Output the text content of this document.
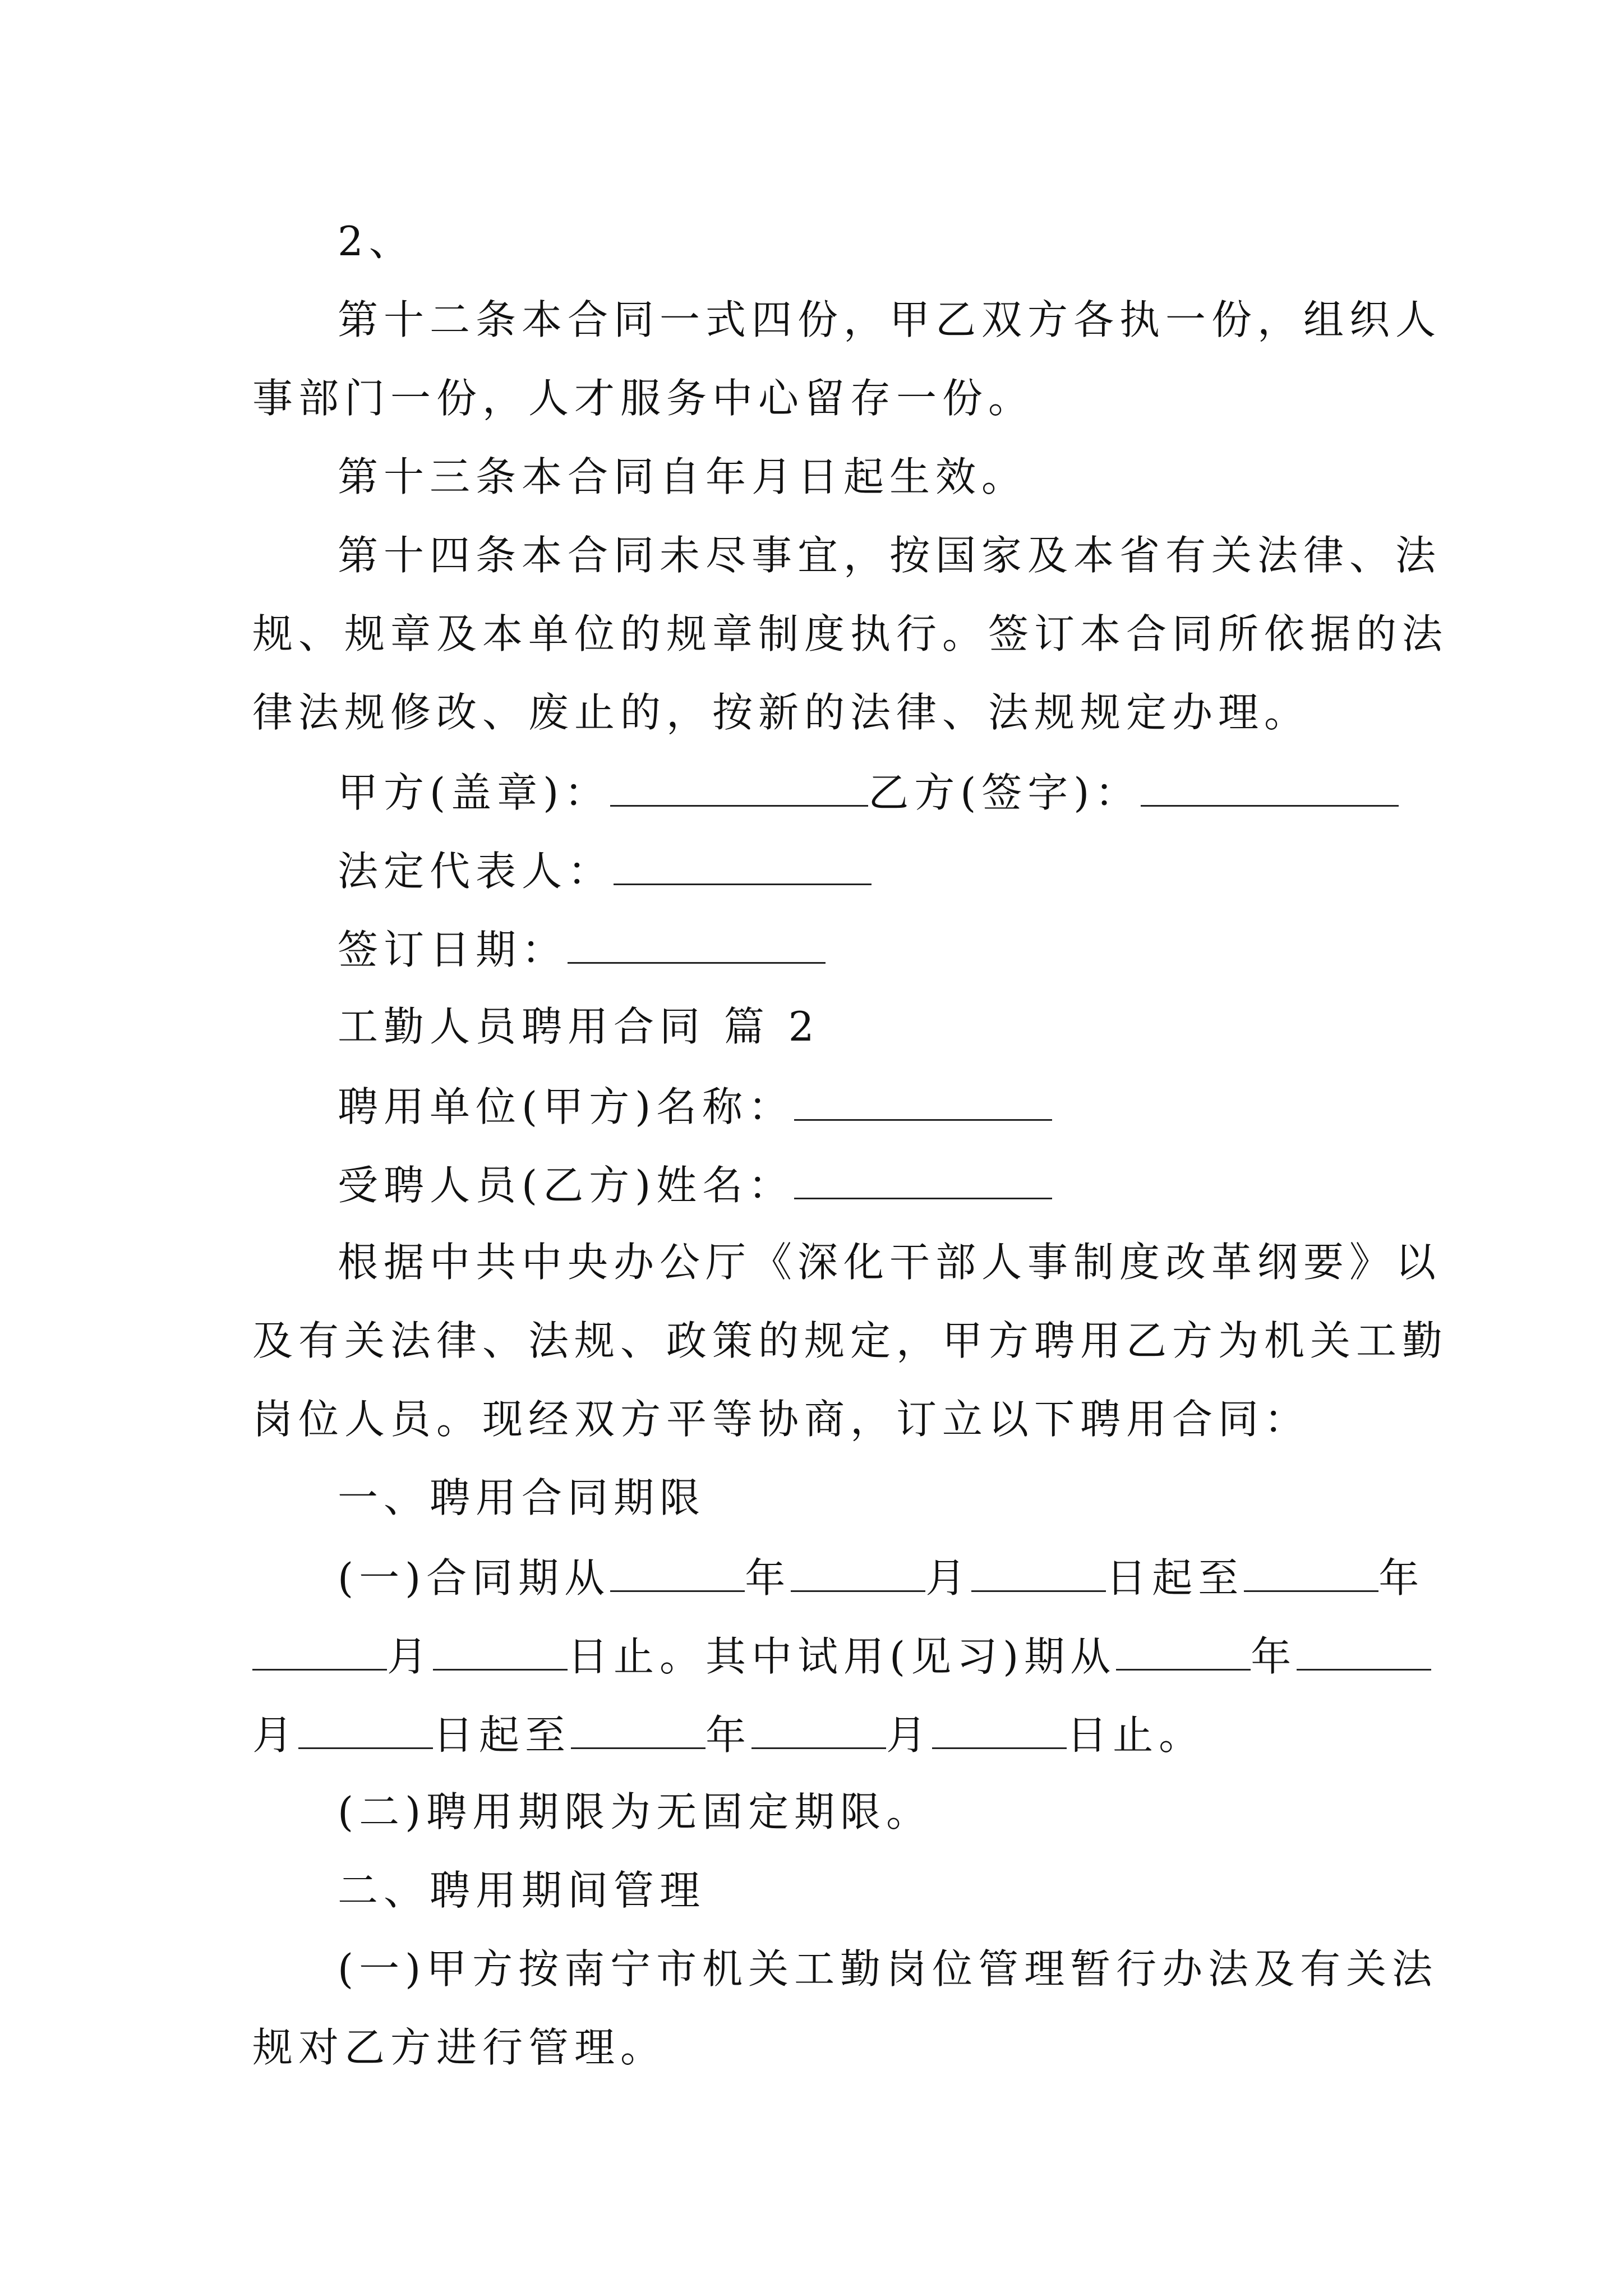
2、
第十二条本合同一式四份，甲乙双方各执一份，组织人
事部门一份，人才服务中心留存一份。
第十三条本合同自年月日起生效。
第十四条本合同未尽事宜，按国家及本省有关法律、法
规、规章及本单位的规章制度执行。签订本合同所依据的法
律法规修改、废止的，按新的法律、法规规定办理。
甲方(盖章)：	乙方(签字)：
法定代表人：
签订日期：
工勤人员聘用合同 篇 2
聘用单位(甲方)名称：
受聘人员(乙方)姓名：
根据中共中央办公厅《深化干部人事制度改革纲要》以
及有关法律、法规、政策的规定，甲方聘用乙方为机关工勤
岗位人员。现经双方平等协商，订立以下聘用合同：
一、聘用合同期限
(一)合同期从	年	月	日起至	年
月	日止。其中试用(见习)期从	年
月	日起至	年	月	日止。
(二)聘用期限为无固定期限。
二、聘用期间管理
(一)甲方按南宁市机关工勤岗位管理暂行办法及有关法
规对乙方进行管理。
